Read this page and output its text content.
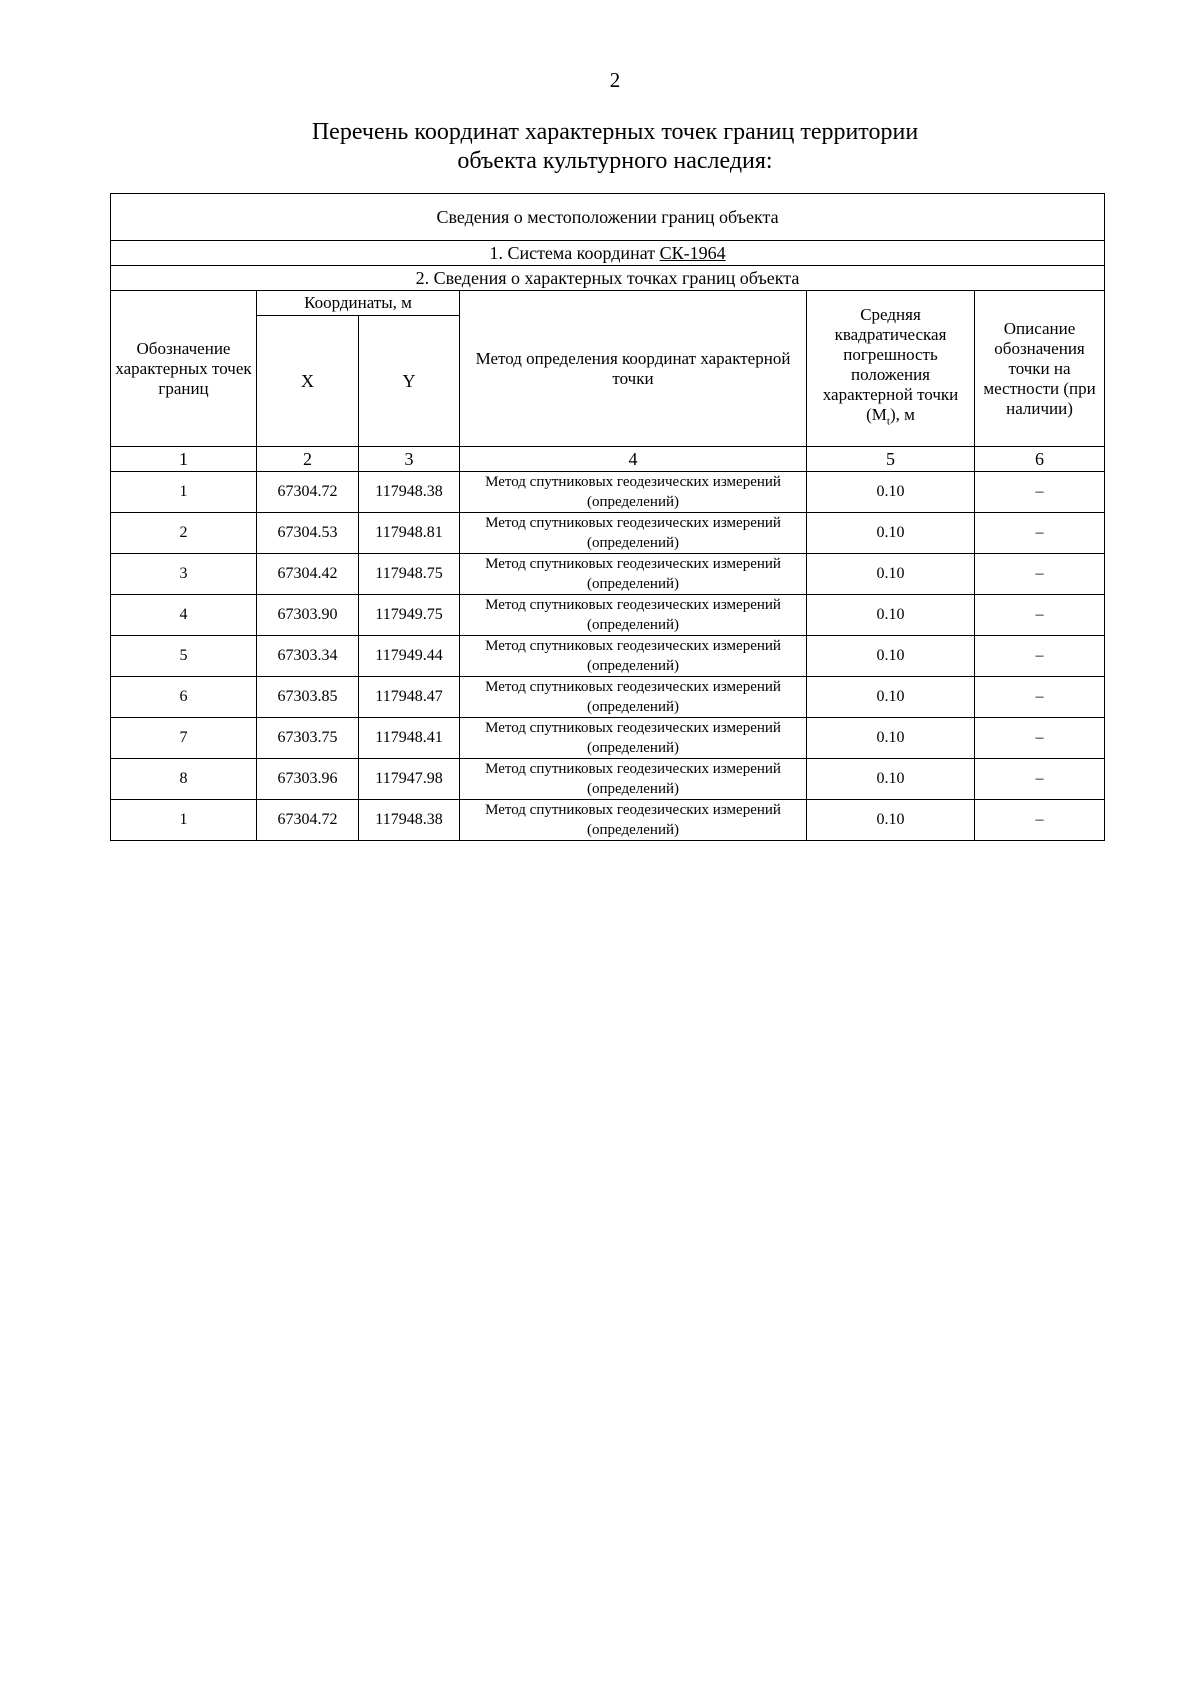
2
Перечень координат характерных точек границ территории
объекта культурного наследия:
Сведения о местоположении границ объекта					
1. Система координат СК-1964					
2. Сведения о характерных точках границ объекта					
Обозначение характерных точек границ	Координаты, м		Метод определения координат характерной точки	Средняя квадратическая погрешность положения характерной точки $(M_t)$, м	Описание обозначения точки на местности (при наличии)
	X	Y			
1	2	3	4	5	6
1	67304.72	117948.38	Метод спутниковых геодезических измерений (определений)	0.10	–
2	67304.53	117948.81	Метод спутниковых геодезических измерений (определений)	0.10	–
3	67304.42	117948.75	Метод спутниковых геодезических измерений (определений)	0.10	–
4	67303.90	117949.75	Метод спутниковых геодезических измерений (определений)	0.10	–
5	67303.34	117949.44	Метод спутниковых геодезических измерений (определений)	0.10	–
6	67303.85	117948.47	Метод спутниковых геодезических измерений (определений)	0.10	–
7	67303.75	117948.41	Метод спутниковых геодезических измерений (определений)	0.10	–
8	67303.96	117947.98	Метод спутниковых геодезических измерений (определений)	0.10	–
1	67304.72	117948.38	Метод спутниковых геодезических измерений (определений)	0.10	–
